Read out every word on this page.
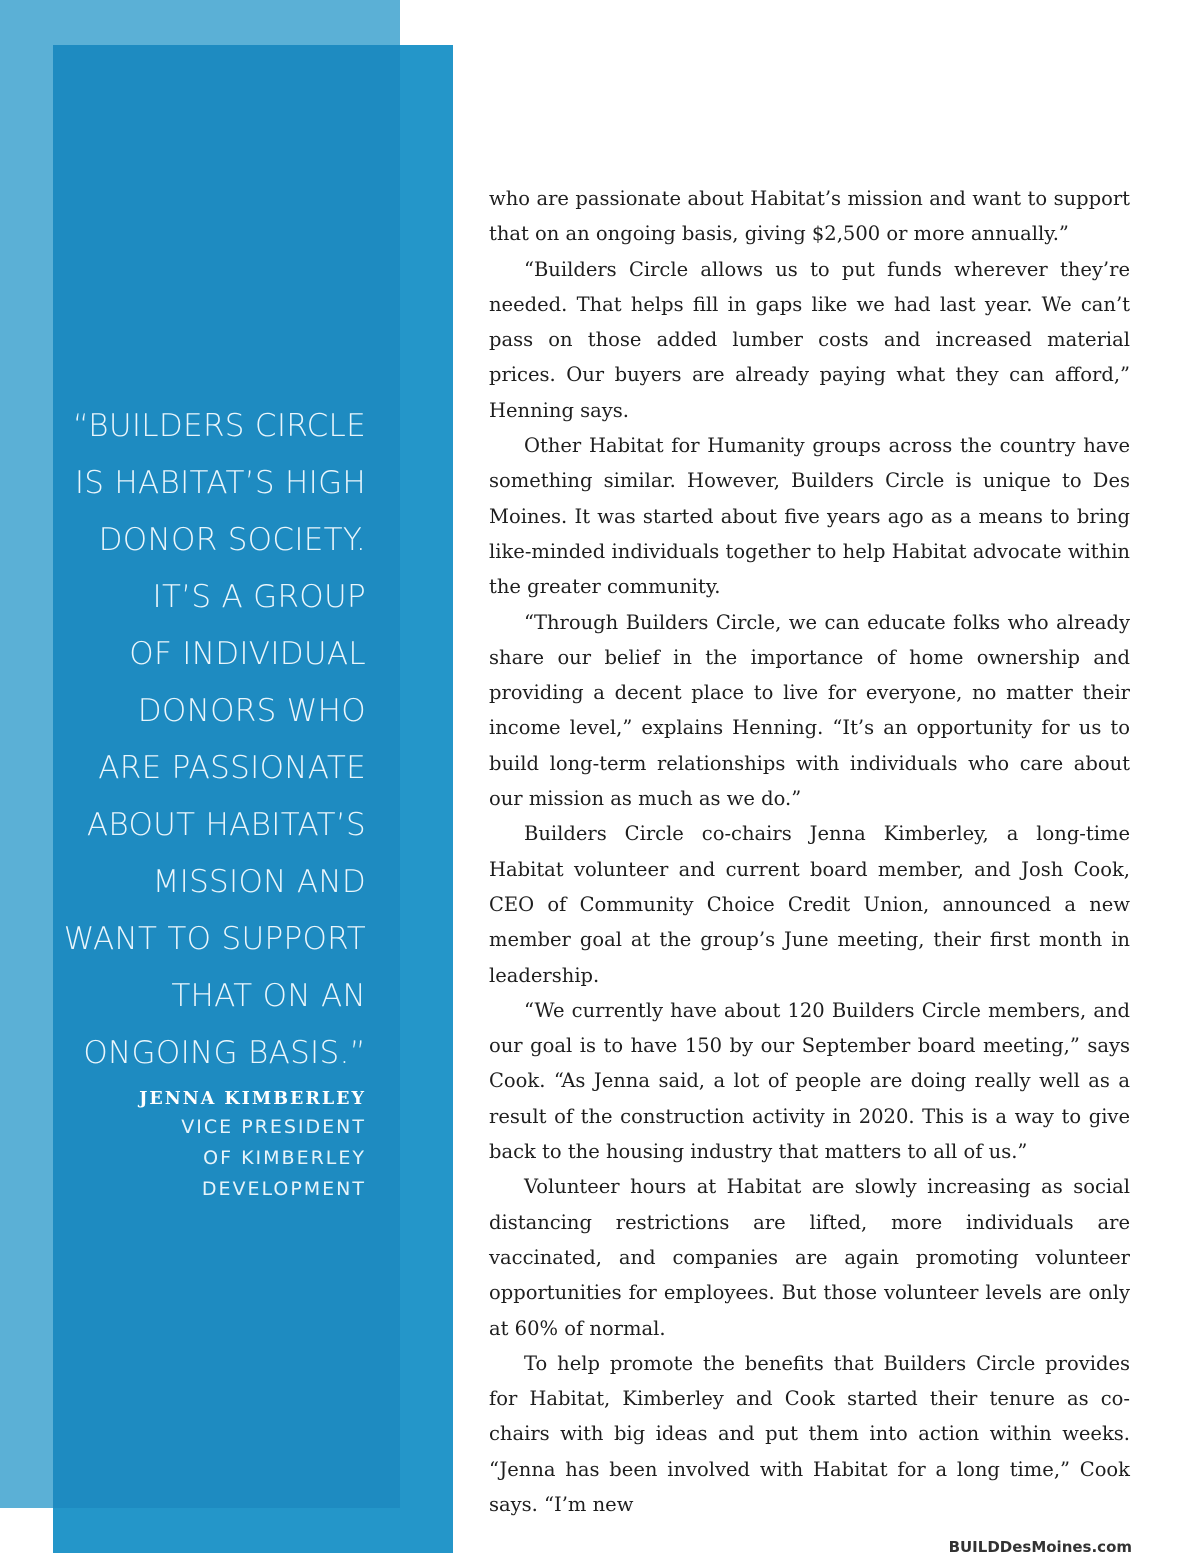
“BUILDERS CIRCLE
IS HABITAT’S HIGH
DONOR SOCIETY.
IT’S A GROUP
OF INDIVIDUAL
DONORS WHO
ARE PASSIONATE
ABOUT HABITAT’S
MISSION AND
WANT TO SUPPORT
THAT ON AN
ONGOING BASIS.”
JENNA KIMBERLEY
VICE PRESIDENT
OF KIMBERLEY
DEVELOPMENT

who are passionate about Habitat’s mission and want to support that on an ongoing basis, giving $2,500 or more annually.”

“Builders Circle allows us to put funds wherever they’re needed. That helps fill in gaps like we had last year. We can’t pass on those added lumber costs and increased material prices. Our buyers are already paying what they can afford,” Henning says.

Other Habitat for Humanity groups across the country have something similar. However, Builders Circle is unique to Des Moines. It was started about five years ago as a means to bring like-minded individuals together to help Habitat advocate within the greater community.

“Through Builders Circle, we can educate folks who already share our belief in the importance of home ownership and providing a decent place to live for everyone, no matter their income level,” explains Henning. “It’s an opportunity for us to build long-term relationships with individuals who care about our mission as much as we do.”

Builders Circle co-chairs Jenna Kimberley, a long-time Habitat volunteer and current board member, and Josh Cook, CEO of Community Choice Credit Union, announced a new member goal at the group’s June meeting, their first month in leadership.

“We currently have about 120 Builders Circle members, and our goal is to have 150 by our September board meeting,” says Cook. “As Jenna said, a lot of people are doing really well as a result of the construction activity in 2020. This is a way to give back to the housing industry that matters to all of us.”

Volunteer hours at Habitat are slowly increasing as social distancing restrictions are lifted, more individuals are vaccinated, and companies are again promoting volunteer opportunities for employees. But those volunteer levels are only at 60% of normal.

To help promote the benefits that Builders Circle provides for Habitat, Kimberley and Cook started their tenure as co-chairs with big ideas and put them into action within weeks. “Jenna has been involved with Habitat for a long time,” Cook says. “I’m new

BUILDDesMoines.com
